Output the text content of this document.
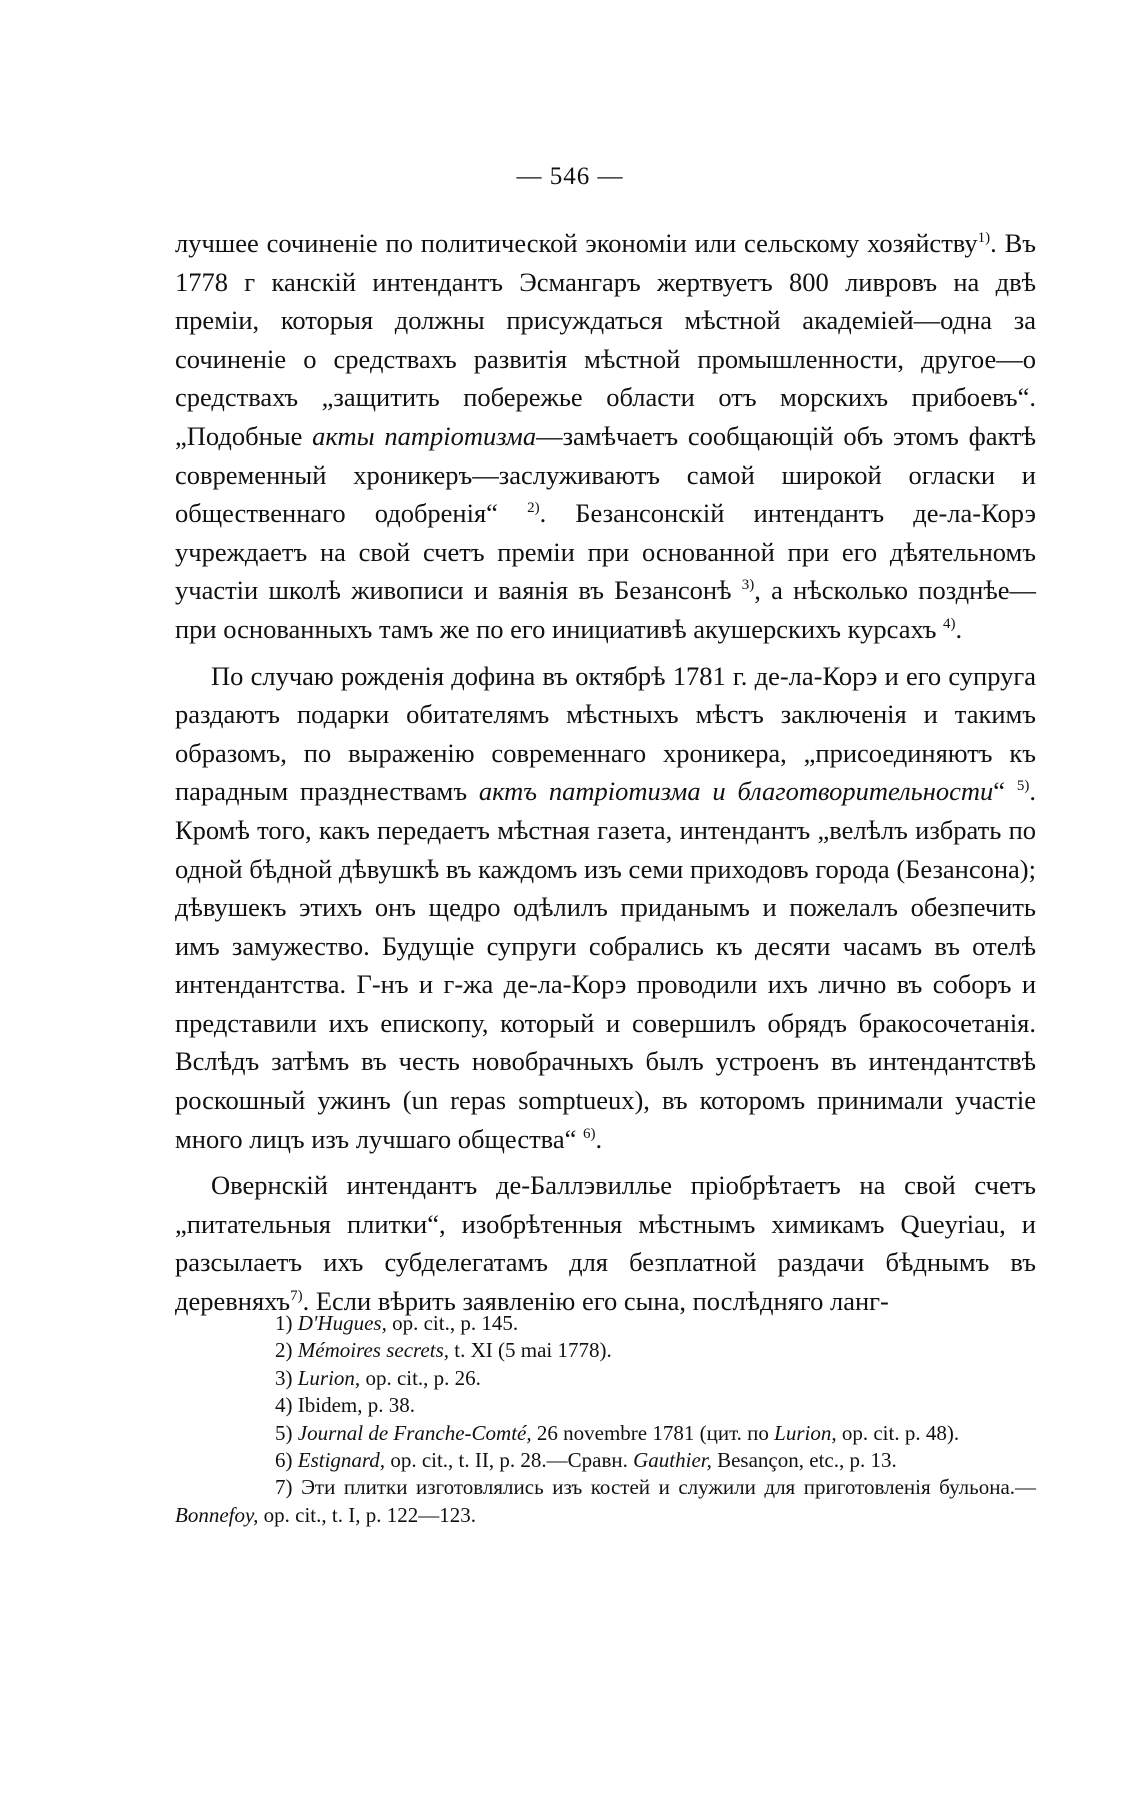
— 546 —

лучшее сочиненіе по политической экономіи или сельскому хозяйству$^{1)}$. Въ 1778 г канскій интендантъ Эсмангаръ жертвуетъ 800 ливровъ на двѣ преміи, которыя должны присуждаться мѣстной академіей—одна за сочиненіе о средствахъ развитія мѣстной промышленности, другое—о средствахъ „защитить побережье области отъ морскихъ прибоевъ“. „Подобные акты патріотизма—замѣчаетъ сообщающій объ этомъ фактѣ современный хроникеръ—заслуживаютъ самой широкой огласки и общественнаго одобренія“ $^{2)}$. Безансонскій интендантъ де-ла-Корэ учреждаетъ на свой счетъ преміи при основанной при его дѣятельномъ участіи школѣ живописи и ваянія въ Безансонѣ $^{3)}$, а нѣсколько позднѣе—при основанныхъ тамъ же по его инициативѣ акушерскихъ курсахъ $^{4)}$.

По случаю рожденія дофина въ октябрѣ 1781 г. де-ла-Корэ и его супруга раздаютъ подарки обитателямъ мѣстныхъ мѣстъ заключенія и такимъ образомъ, по выраженію современнаго хроникера, „присоединяютъ къ парадным празднествамъ актъ патріотизма и благотворительности“ $^{5)}$. Кромѣ того, какъ передаетъ мѣстная газета, интендантъ „велѣлъ избрать по одной бѣдной дѣвушкѣ въ каждомъ изъ семи приходовъ города (Безансона); дѣвушекъ этихъ онъ щедро одѣлилъ приданымъ и пожелалъ обезпечить имъ замужество. Будущіе супруги собрались къ десяти часамъ въ отелѣ интендантства. Г-нъ и г-жа де-ла-Корэ проводили ихъ лично въ соборъ и представили ихъ епископу, который и совершилъ обрядъ бракосочетанія. Вслѣдъ затѣмъ въ честь новобрачныхъ былъ устроенъ въ интендантствѣ роскошный ужинъ (un repas somptueux), въ которомъ принимали участіе много лицъ изъ лучшаго общества“ $^{6)}$.

Овернскій интендантъ де-Баллэвилльe пріобрѣтаетъ на свой счетъ „питательныя плитки“, изобрѣтенныя мѣстнымъ химикамъ Queyriau, и разсылаетъ ихъ субделегатамъ для безплатной раздачи бѣднымъ въ деревняхъ$^{7)}$. Если вѣрить заявленію его сына, послѣдняго ланг-

1) D'Hugues, op. cit., p. 145.

2) Mémoires secrets, t. XI (5 mai 1778).

3) Lurion, op. cit., p. 26.

4) Ibidem, p. 38.

5) Journal de Franche-Comté, 26 novembre 1781 (цит. по Lurion, op. cit. p. 48).

6) Estignard, op. cit., t. II, p. 28.—Сравн. Gauthier, Besançon, etc., p. 13.

7) Эти плитки изготовлялись изъ костей и служили для приготовленія бульона.—Bonnefoy, op. cit., t. I, p. 122—123.
